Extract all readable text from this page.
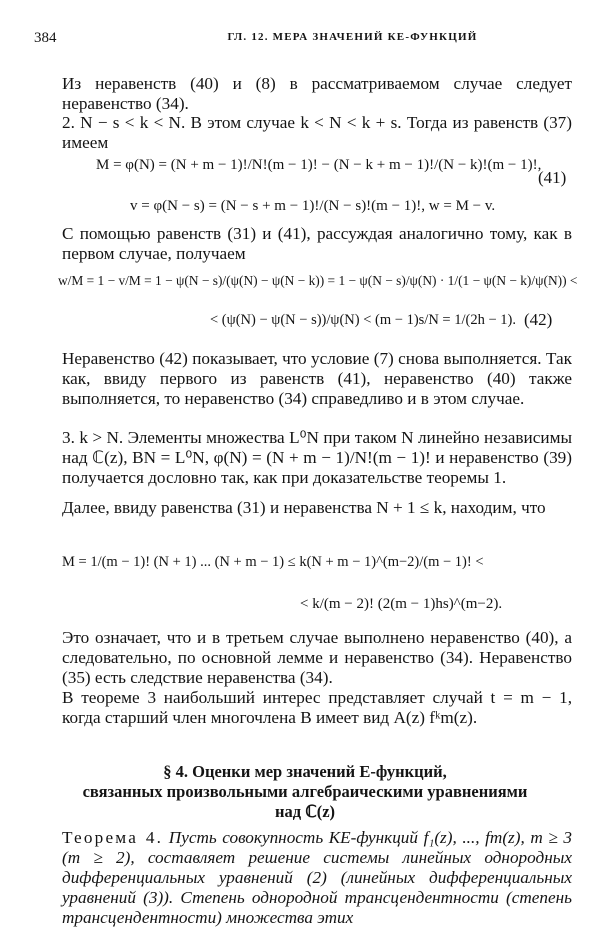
384	ГЛ. 12. МЕРА ЗНАЧЕНИЙ КЕ-ФУНКЦИЙ

Из неравенств (40) и (8) в рассматриваемом случае следует неравенство (34).

2. N − s < k < N. В этом случае k < N < k + s. Тогда из равенств (37) имеем

M = φ(N) = (N + m − 1)!/N!(m − 1)! − (N − k + m − 1)!/(N − k)!(m − 1)!,
v = φ(N − s) = (N − s + m − 1)!/(N − s)!(m − 1)!, w = M − v.
(41)

С помощью равенств (31) и (41), рассуждая аналогично тому, как в первом случае, получаем

w/M = 1 − v/M = 1 − ψ(N − s)/(ψ(N) − ψ(N − k)) = 1 − ψ(N − s)/ψ(N) · 1/(1 − ψ(N − k)/ψ(N)) <
< (ψ(N) − ψ(N − s))/ψ(N) < (m − 1)s/N = 1/(2h − 1). (42)

Неравенство (42) показывает, что условие (7) снова выполняется. Так как, ввиду первого из равенств (41), неравенство (40) также выполняется, то неравенство (34) справедливо и в этом случае.

3. k > N. Элементы множества L⁰N при таком N линейно независимы над ℂ(z), BN = L⁰N, φ(N) = (N + m − 1)/N!(m − 1)! и неравенство (39) получается дословно так, как при доказательстве теоремы 1.

Далее, ввиду равенства (31) и неравенства N + 1 ≤ k, находим, что

M = 1/(m − 1)! (N + 1) ... (N + m − 1) ≤ k(N + m − 1)^(m−2)/(m − 1)! <
< k/(m − 2)! (2(m − 1)hs)^(m−2).

Это означает, что и в третьем случае выполнено неравенство (40), а следовательно, по основной лемме и неравенство (34). Неравенство (35) есть следствие неравенства (34).

В теореме 3 наибольший интерес представляет случай t = m − 1, когда старший член многочлена B имеет вид A(z) fᵏm(z).

§ 4. Оценки мер значений Е-функций,
связанных произвольными алгебраическими уравнениями
над ℂ(z)

Теорема 4. Пусть совокупность КЕ-функций f₁(z), ..., fm(z), m ≥ 3 (m ≥ 2), составляет решение системы линейных однородных дифференциальных уравнений (2) (линейных дифференциальных уравнений (3)). Степень однородной трансцендентности (степень трансцендентности) множества этих
